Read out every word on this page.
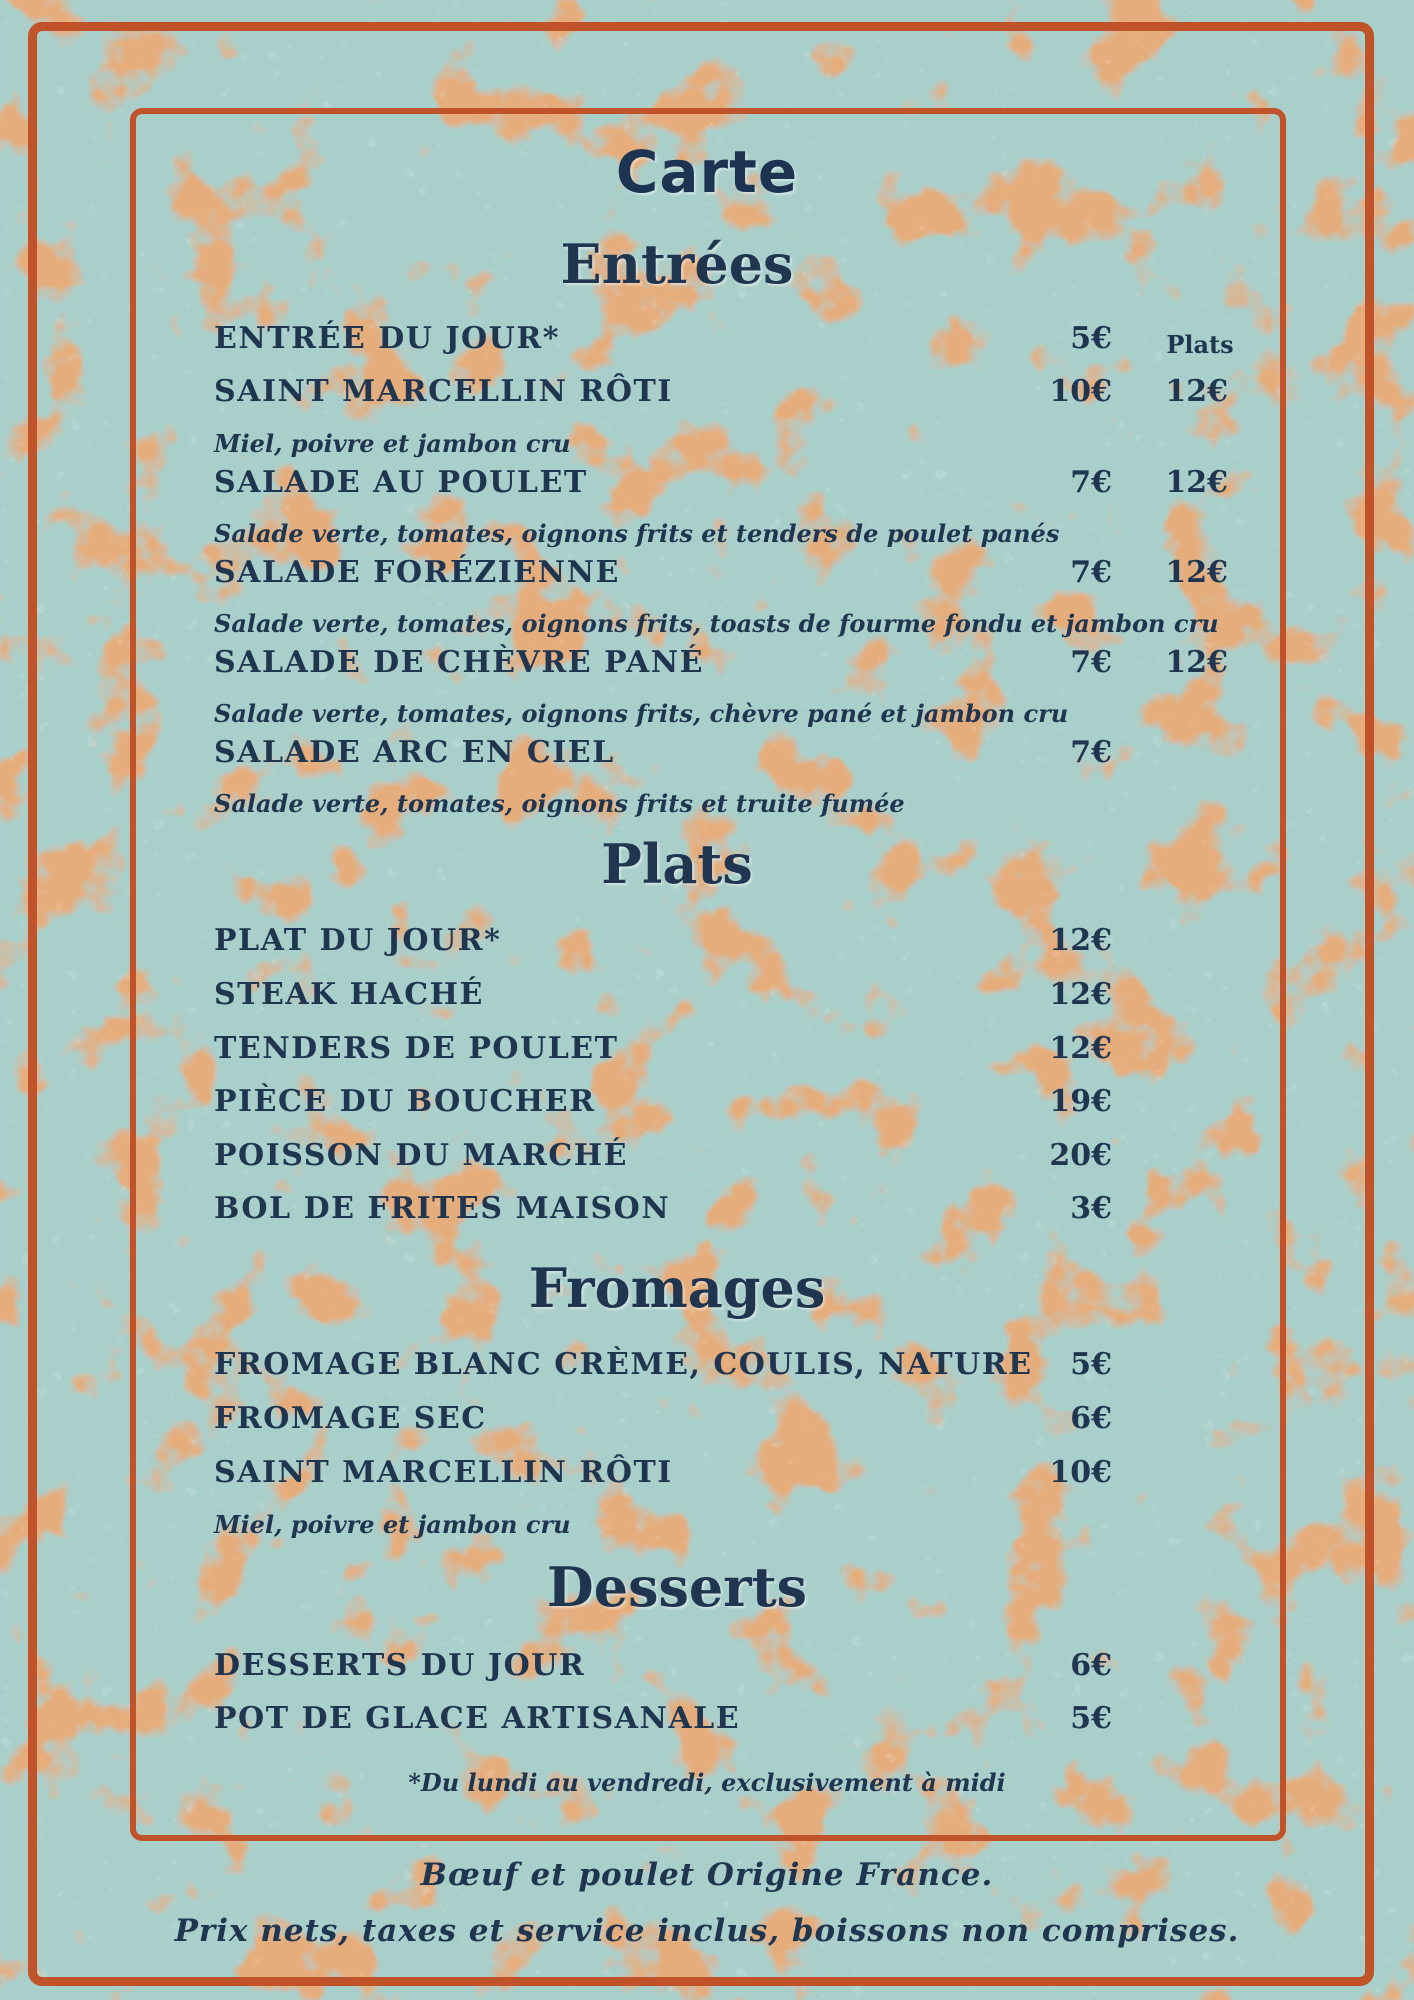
Carte
Entrées
Plats
ENTRÉE DU JOUR*	5€
SAINT MARCELLIN RÔTI	10€	12€
Miel, poivre et jambon cru
SALADE AU POULET	7€	12€
Salade verte, tomates, oignons frits et tenders de poulet panés
SALADE FORÉZIENNE	7€	12€
Salade verte, tomates, oignons frits, toasts de fourme fondu et jambon cru
SALADE DE CHÈVRE PANÉ	7€	12€
Salade verte, tomates, oignons frits, chèvre pané et jambon cru
SALADE ARC EN CIEL	7€
Salade verte, tomates, oignons frits et truite fumée
Plats
PLAT DU JOUR*	12€
STEAK HACHÉ	12€
TENDERS DE POULET	12€
PIÈCE DU BOUCHER	19€
POISSON DU MARCHÉ	20€
BOL DE FRITES MAISON	3€
Fromages
FROMAGE BLANC CRÈME, COULIS, NATURE	5€
FROMAGE SEC	6€
SAINT MARCELLIN RÔTI	10€
Miel, poivre et jambon cru
Desserts
DESSERTS DU JOUR	6€
POT DE GLACE ARTISANALE	5€
*Du lundi au vendredi, exclusivement à midi
Bœuf et poulet Origine France.
Prix nets, taxes et service inclus, boissons non comprises.
